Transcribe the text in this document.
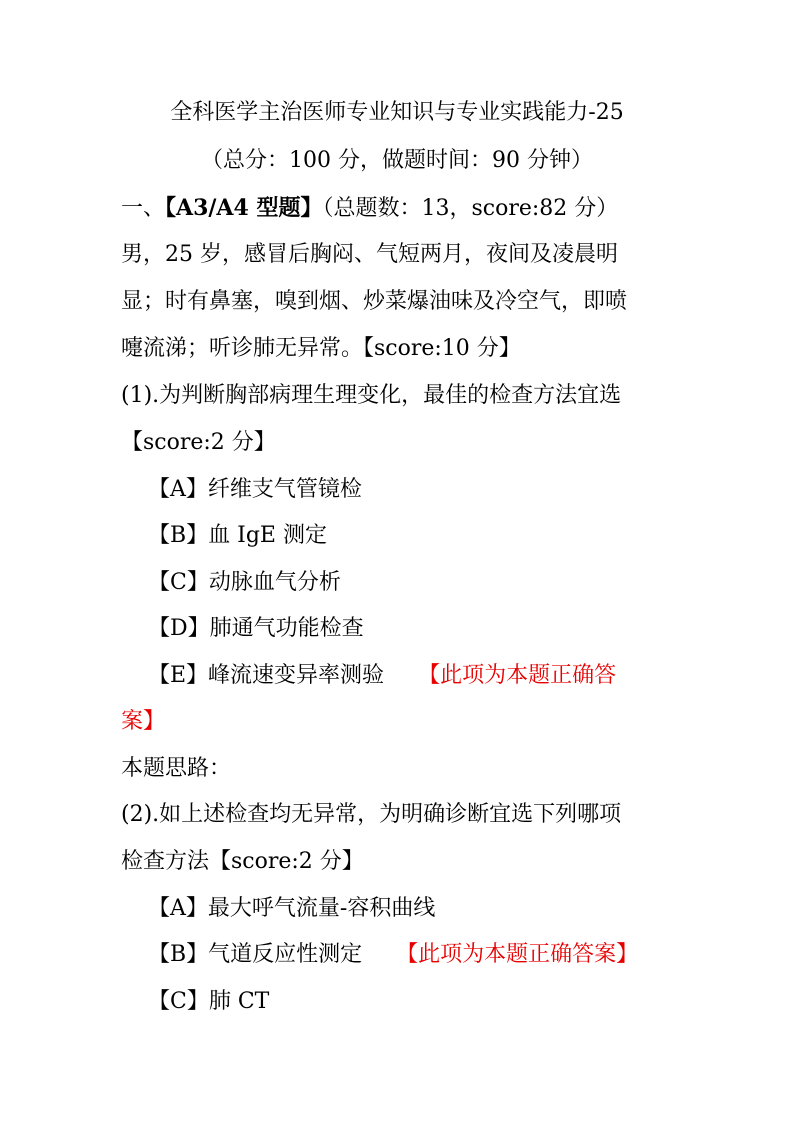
全科医学主治医师专业知识与专业实践能力-25
（总分：100 分，做题时间：90 分钟）
一、【A3/A4 型题】（总题数：13，score:82 分）
男，25 岁，感冒后胸闷、气短两月，夜间及凌晨明
显；时有鼻塞，嗅到烟、炒菜爆油味及冷空气，即喷
嚏流涕；听诊肺无异常。【score:10 分】
(1).为判断胸部病理生理变化，最佳的检查方法宜选
【score:2 分】
【A】纤维支气管镜检
【B】血 IgE 测定
【C】动脉血气分析
【D】肺通气功能检查
【E】峰流速变异率测验 【此项为本题正确答
案】
本题思路：
(2).如上述检查均无异常，为明确诊断宜选下列哪项
检查方法【score:2 分】
【A】最大呼气流量-容积曲线
【B】气道反应性测定 【此项为本题正确答案】
【C】肺 CT
